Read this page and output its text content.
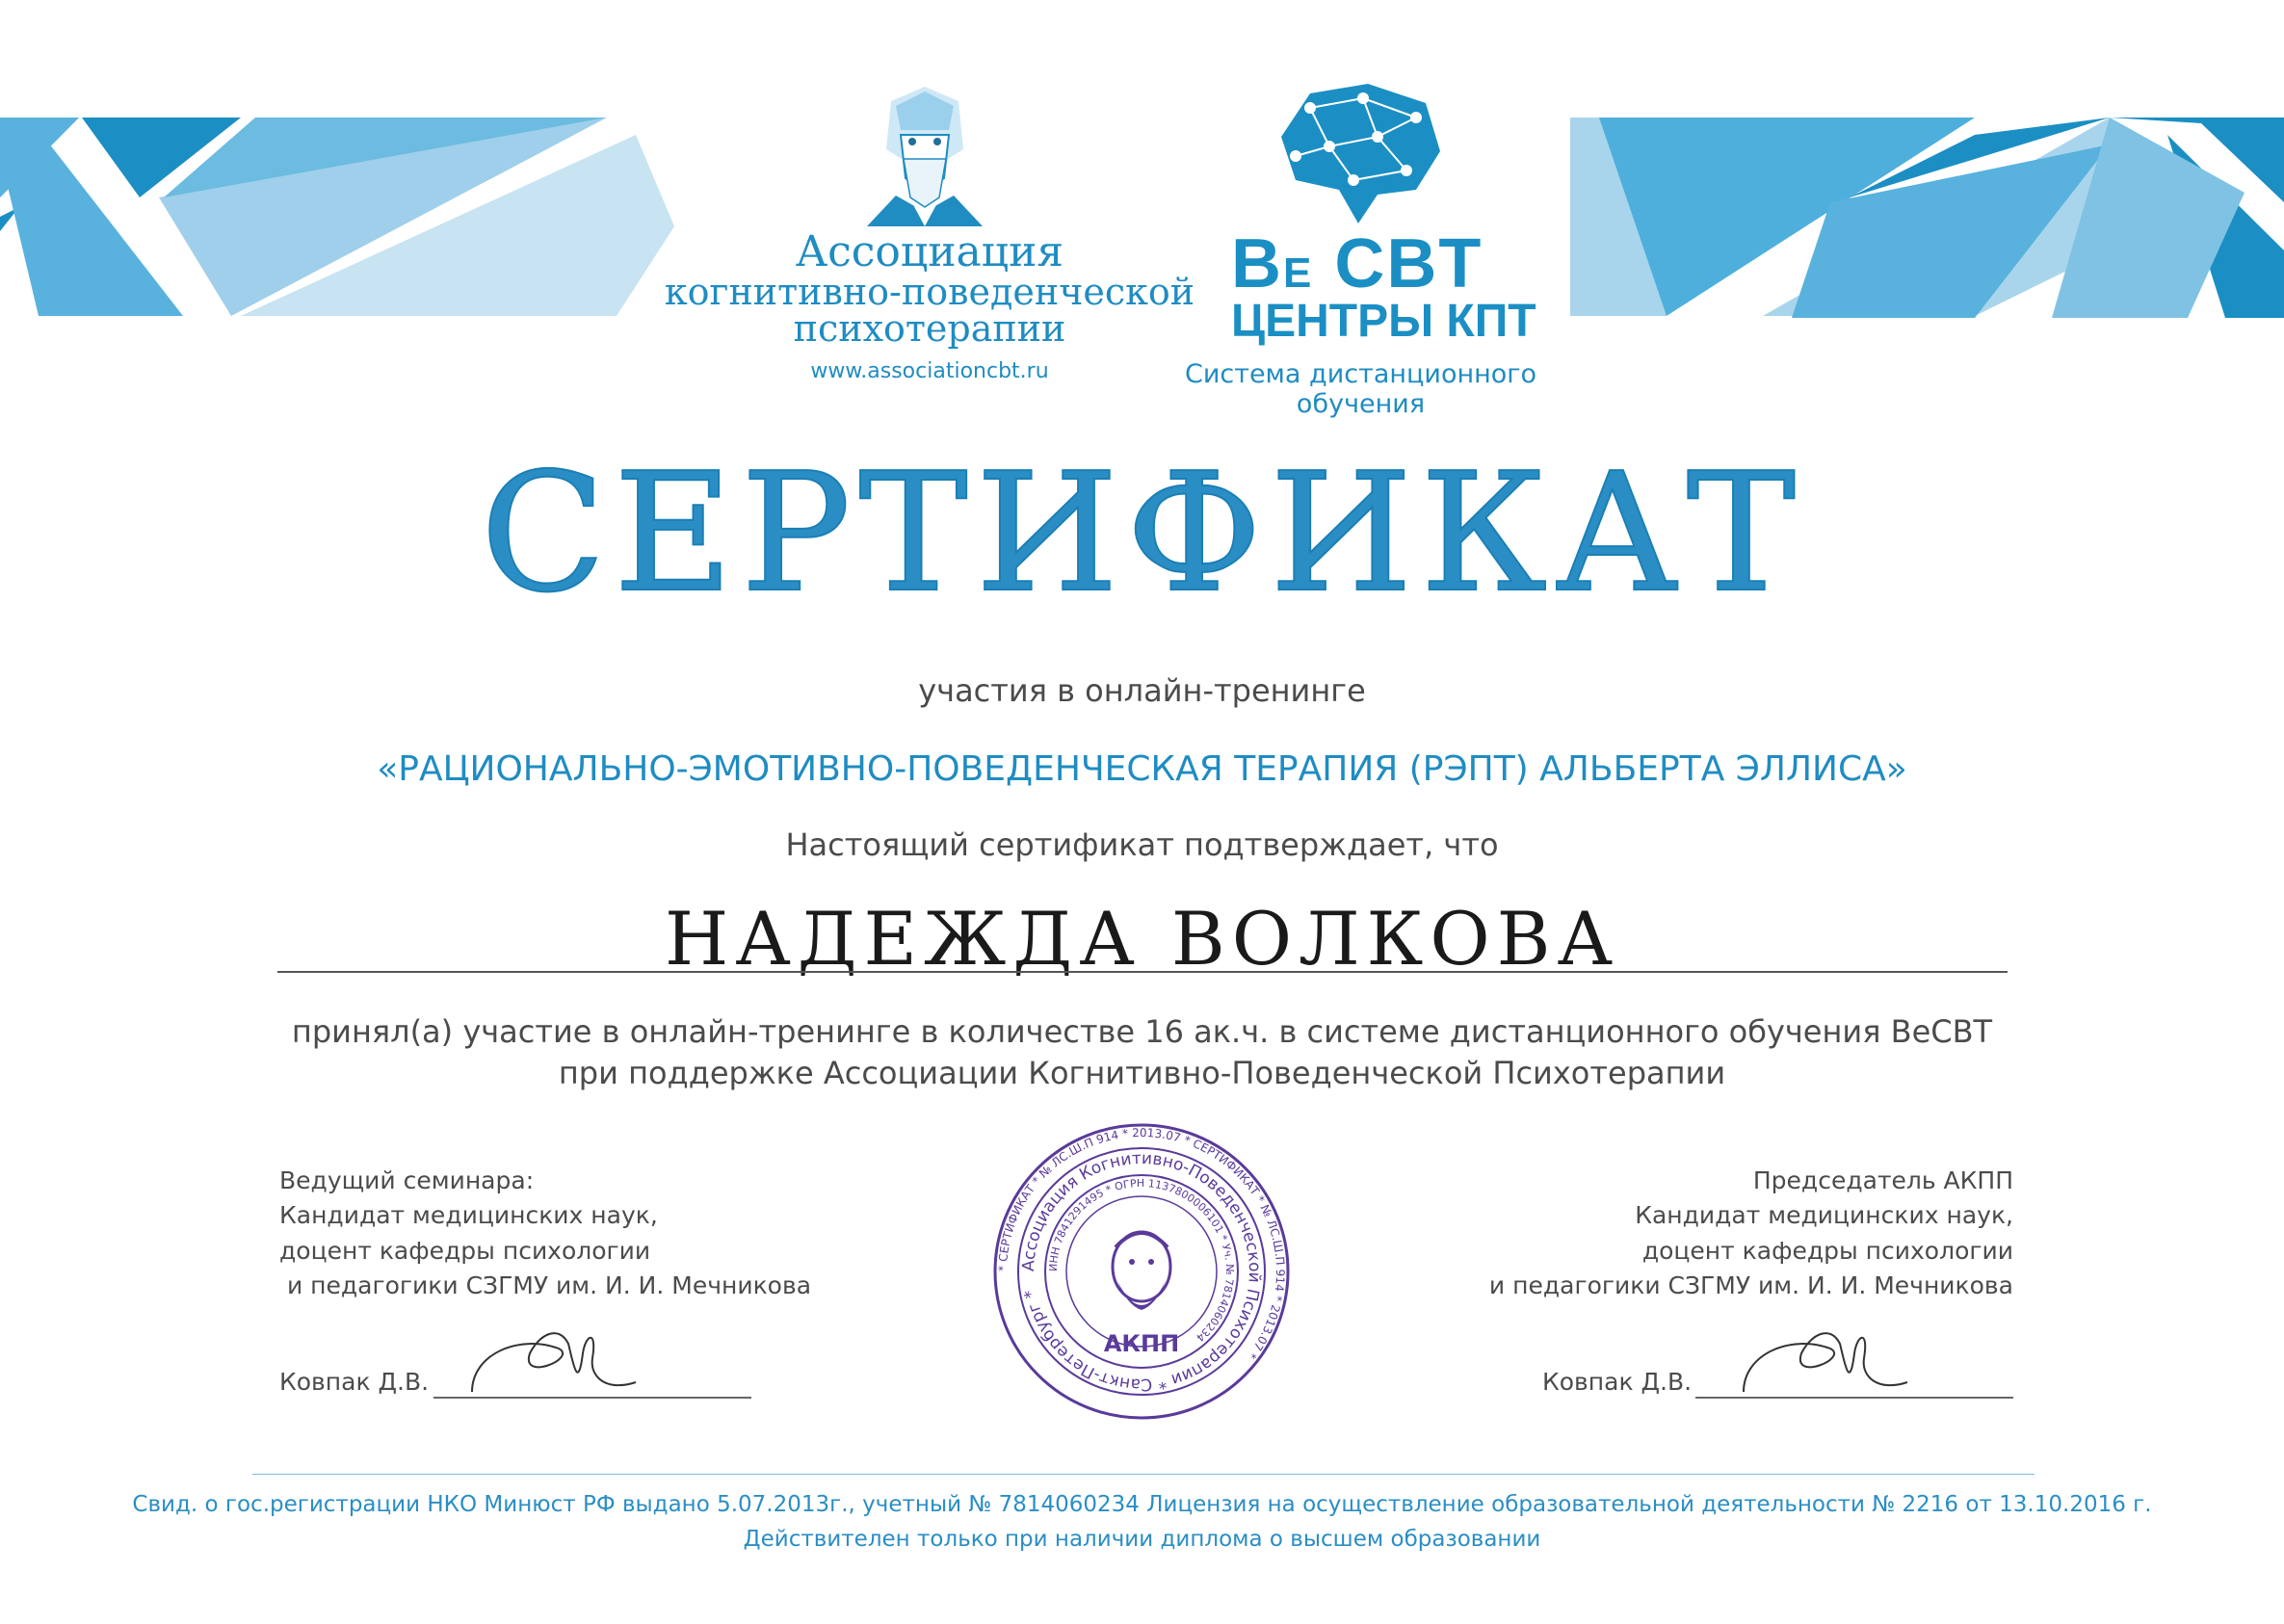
Ассоциация
когнитивно-поведенческой
психотерапии
www.associationcbt.ru
ВЕ CBT
ЦЕНТРЫ КПТ
Система дистанционного обучения
СЕРТИФИКАТ
участия в онлайн-тренинге
«РАЦИОНАЛЬНО-ЭМОТИВНО-ПОВЕДЕНЧЕСКАЯ ТЕРАПИЯ (РЭПТ) АЛЬБЕРТА ЭЛЛИСА»
Настоящий сертификат подтверждает, что
НАДЕЖДА ВОЛКОВА
принял(а) участие в онлайн-тренинге в количестве 16 ак.ч. в системе дистанционного обучения BeCBT
при поддержке Ассоциации Когнитивно-Поведенческой Психотерапии
Ведущий семинара:
Кандидат медицинских наук,
доцент кафедры психологии
и педагогики СЗГМУ им. И. И. Мечникова
Ковпак Д.В.
Председатель АКПП
Кандидат медицинских наук,
доцент кафедры психологии
и педагогики СЗГМУ им. И. И. Мечникова
Ковпак Д.В.
* СЕРТИФИКАТ * № ЛС.Ш.П 914 * 2013.07 * СЕРТИФИКАТ * № ЛС.Ш.П 914 * 2013.07 *
Ассоциация Когнитивно-Поведенческой Психотерапии * Санкт-Петербург *
ИНН 7841291495 * ОГРН 1137800006101 * Уч. № 7814060234
АКПП
Свид. о гос.регистрации НКО Минюст РФ выдано 5.07.2013г., учетный № 7814060234 Лицензия на осуществление образовательной деятельности № 2216 от 13.10.2016 г.
Действителен только при наличии диплома о высшем образовании
